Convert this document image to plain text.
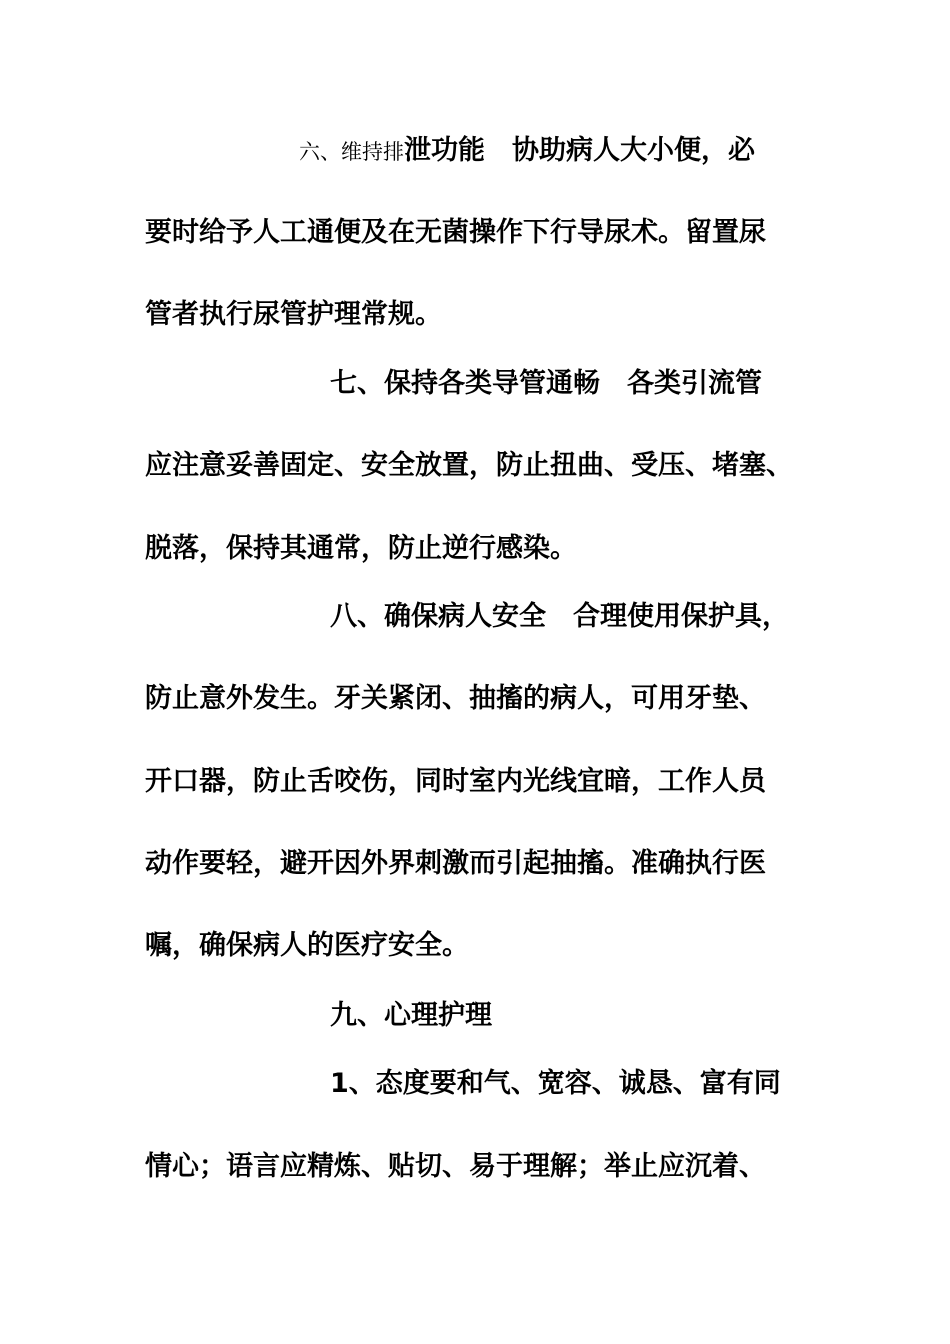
六、维持排泄功能　协助病人大小便，必
要时给予人工通便及在无菌操作下行导尿术。留置尿
管者执行尿管护理常规。
七、保持各类导管通畅　各类引流管
应注意妥善固定、安全放置，防止扭曲、受压、堵塞、
脱落，保持其通常，防止逆行感染。
八、确保病人安全　合理使用保护具，
防止意外发生。牙关紧闭、抽搐的病人，可用牙垫、
开口器，防止舌咬伤，同时室内光线宜暗，工作人员
动作要轻，避开因外界刺激而引起抽搐。准确执行医
嘱，确保病人的医疗安全。
九、心理护理
1、态度要和气、宽容、诚恳、富有同
情心；语言应精炼、贴切、易于理解；举止应沉着、
